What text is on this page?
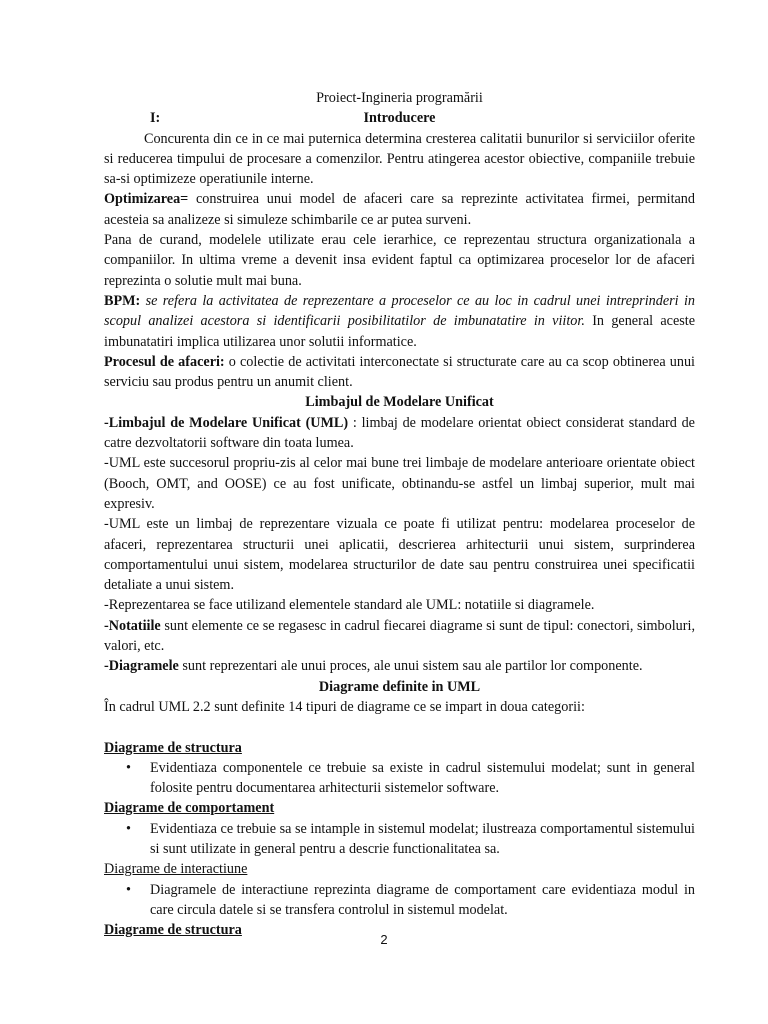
Proiect-Ingineria programării

Introducere
I:

Concurenta din ce in ce mai puternica determina cresterea calitatii bunurilor si serviciilor oferite si reducerea timpului de procesare a comenzilor. Pentru atingerea acestor obiective, companiile trebuie sa-si optimizeze operatiunile interne.

Optimizarea= construirea unui model de afaceri care sa reprezinte activitatea firmei, permitand acesteia sa analizeze si simuleze schimbarile ce ar putea surveni.

Pana de curand, modelele utilizate erau cele ierarhice, ce reprezentau structura organizationala a companiilor. In ultima vreme a devenit insa evident faptul ca optimizarea proceselor lor de afaceri reprezinta o solutie mult mai buna.

BPM: se refera la activitatea de reprezentare a proceselor ce au loc in cadrul unei intreprinderi in scopul analizei acestora si identificarii posibilitatilor de imbunatatire in viitor. In general aceste imbunatatiri implica utilizarea unor solutii informatice.

Procesul de afaceri: o colectie de activitati interconectate si structurate care au ca scop obtinerea unui serviciu sau produs pentru un anumit client.

Limbajul de Modelare Unificat

-Limbajul de Modelare Unificat (UML) : limbaj de modelare orientat obiect considerat standard de catre dezvoltatorii software din toata lumea.

-UML este succesorul propriu-zis al celor mai bune trei limbaje de modelare anterioare orientate obiect (Booch, OMT, and OOSE) ce au fost unificate, obtinandu-se astfel un limbaj superior, mult mai expresiv.

-UML este un limbaj de reprezentare vizuala ce poate fi utilizat pentru: modelarea proceselor de afaceri, reprezentarea structurii unei aplicatii, descrierea arhitecturii unui sistem, surprinderea comportamentului unui sistem, modelarea structurilor de date sau pentru construirea unei specificatii detaliate a unui sistem.

-Reprezentarea se face utilizand elementele standard ale UML: notatiile si diagramele.

-Notatiile sunt elemente ce se regasesc in cadrul fiecarei diagrame si sunt de tipul: conectori, simboluri, valori, etc.

-Diagramele sunt reprezentari ale unui proces, ale unui sistem sau ale partilor lor componente.

Diagrame definite in UML

În cadrul UML 2.2 sunt definite 14 tipuri de diagrame ce se impart in doua categorii:

Diagrame de structura

• Evidentiaza componentele ce trebuie sa existe in cadrul sistemului modelat; sunt in general folosite pentru documentarea arhitecturii sistemelor software.

Diagrame de comportament

• Evidentiaza ce trebuie sa se intample in sistemul modelat; ilustreaza comportamentul sistemului si sunt utilizate in general pentru a descrie functionalitatea sa.

Diagrame de interactiune

• Diagramele de interactiune reprezinta diagrame de comportament care evidentiaza modul in care circula datele si se transfera controlul in sistemul modelat.

Diagrame de structura

2
